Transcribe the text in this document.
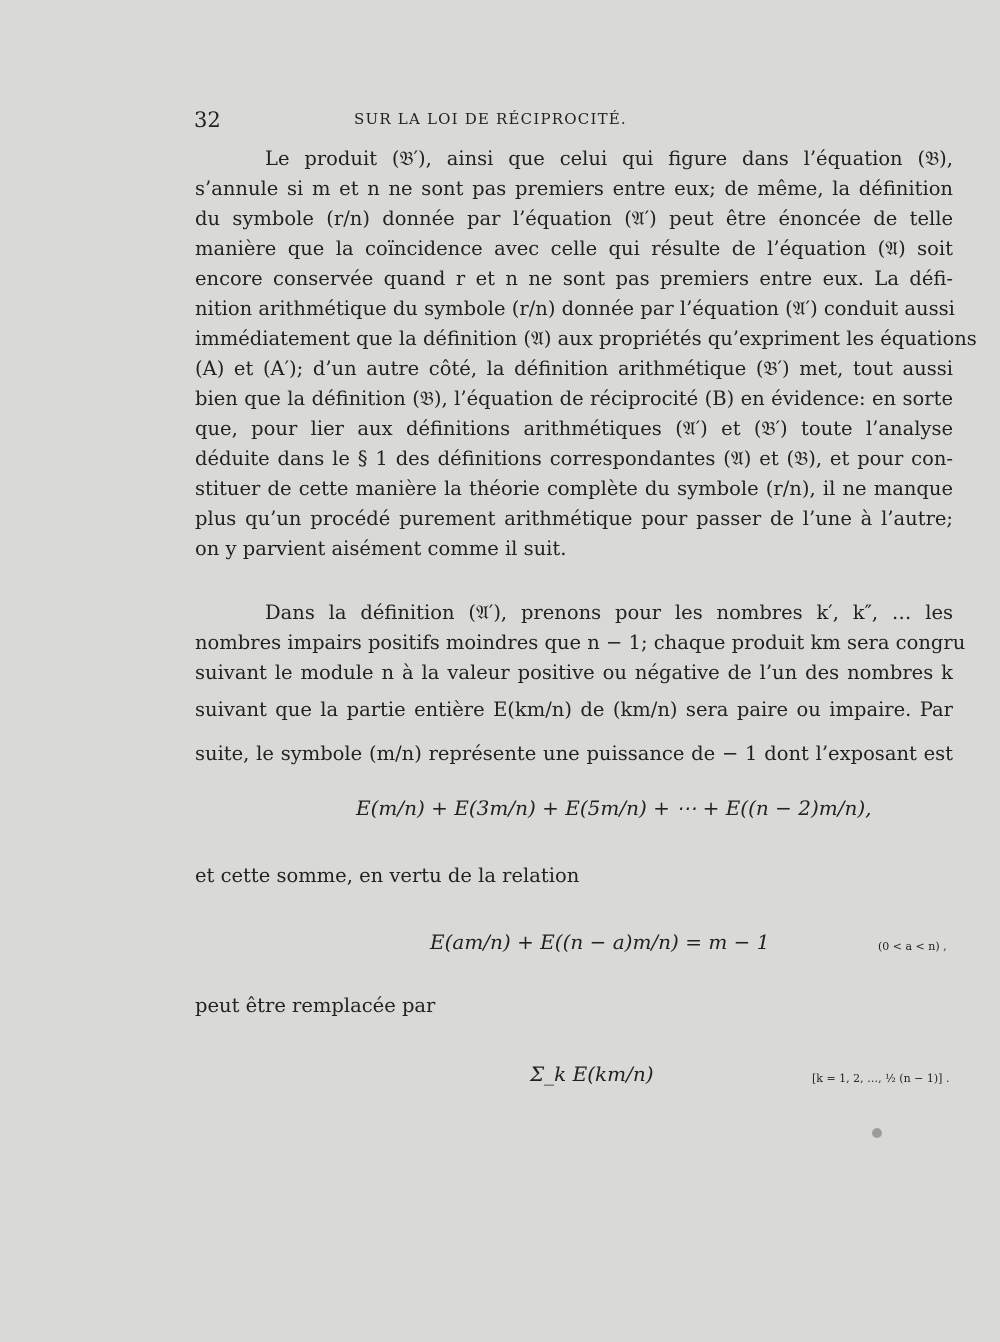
32	SUR LA LOI DE RÉCIPROCITÉ.
Le produit (𝔅′), ainsi que celui qui figure dans l’équation (𝔅),
s’annule si m et n ne sont pas premiers entre eux; de même, la définition
du symbole (r/n) donnée par l’équation (𝔄′) peut être énoncée de telle
manière que la coïncidence avec celle qui résulte de l’équation (𝔄) soit
encore conservée quand r et n ne sont pas premiers entre eux. La défi-
nition arithmétique du symbole (r/n) donnée par l’équation (𝔄′) conduit aussi
immédiatement que la définition (𝔄) aux propriétés qu’expriment les équations
(A) et (A′); d’un autre côté, la définition arithmétique (𝔅′) met, tout aussi
bien que la définition (𝔅), l’équation de réciprocité (B) en évidence: en sorte
que, pour lier aux définitions arithmétiques (𝔄′) et (𝔅′) toute l’analyse
déduite dans le § 1 des définitions correspondantes (𝔄) et (𝔅), et pour con-
stituer de cette manière la théorie complète du symbole (r/n), il ne manque
plus qu’un procédé purement arithmétique pour passer de l’une à l’autre;
on y parvient aisément comme il suit.
Dans la définition (𝔄′), prenons pour les nombres k′, k″, … les
nombres impairs positifs moindres que n − 1; chaque produit km sera congru
suivant le module n à la valeur positive ou négative de l’un des nombres k
suivant que la partie entière E(km/n) de (km/n) sera paire ou impaire. Par
suite, le symbole (m/n) représente une puissance de − 1 dont l’exposant est
E(m/n) + E(3m/n) + E(5m/n) + ⋯ + E((n − 2)m/n),
et cette somme, en vertu de la relation
E(am/n) + E((n − a)m/n) = m − 1	(0 < a < n) ,
peut être remplacée par
Σ_k E(km/n)	[k = 1, 2, …, ½ (n − 1)] .
